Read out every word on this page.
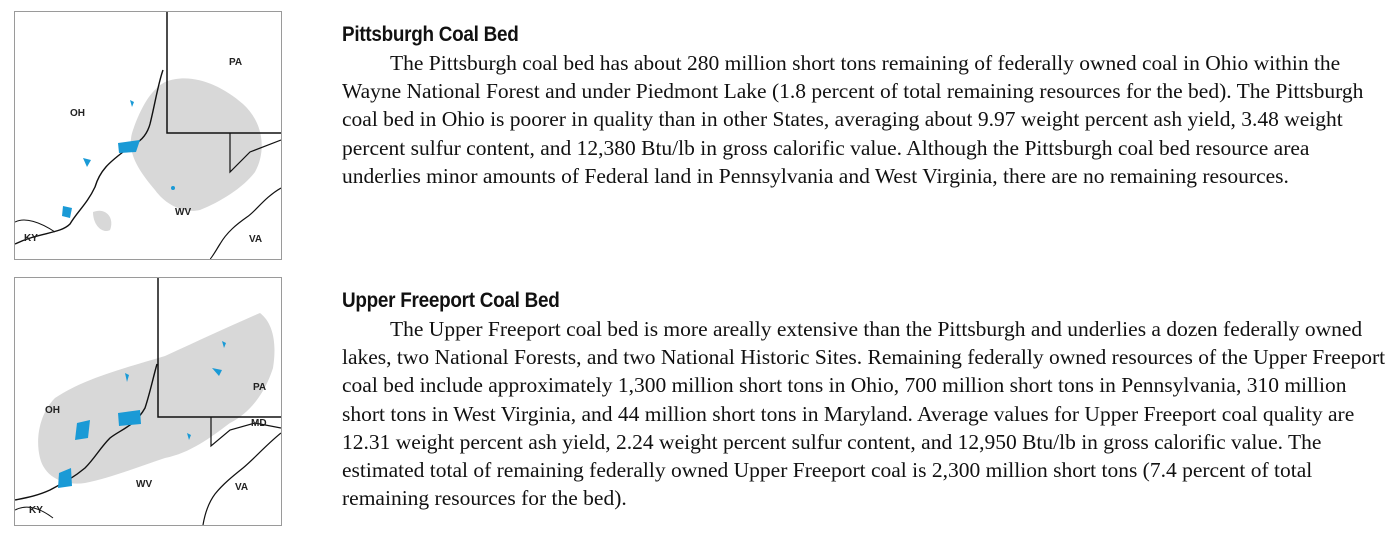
PA
OH
WV
KY	VA
PA
OH
MD
WV
KY
VA
Pittsburgh Coal Bed

The Pittsburgh coal bed has about 280 million short tons remaining of federally owned coal in Ohio within the Wayne National Forest and under Piedmont Lake (1.8 percent of total remaining resources for the bed). The Pittsburgh coal bed in Ohio is poorer in quality than in other States, averaging about 9.97 weight percent ash yield, 3.48 weight percent sulfur content, and 12,380 Btu/lb in gross calorific value. Although the Pittsburgh coal bed resource area underlies minor amounts of Federal land in Pennsylvania and West Virginia, there are no remaining resources.

Upper Freeport Coal Bed

The Upper Freeport coal bed is more areally extensive than the Pittsburgh and underlies a dozen federally owned lakes, two National Forests, and two National Historic Sites. Remaining federally owned resources of the Upper Freeport coal bed include approximately 1,300 million short tons in Ohio, 700 million short tons in Pennsylvania, 310 million short tons in West Virginia, and 44 million short tons in Maryland. Average values for Upper Freeport coal quality are 12.31 weight percent ash yield, 2.24 weight percent sulfur content, and 12,950 Btu/lb in gross calorific value. The estimated total of remaining federally owned Upper Freeport coal is 2,300 million short tons (7.4 percent of total remaining resources for the bed).
